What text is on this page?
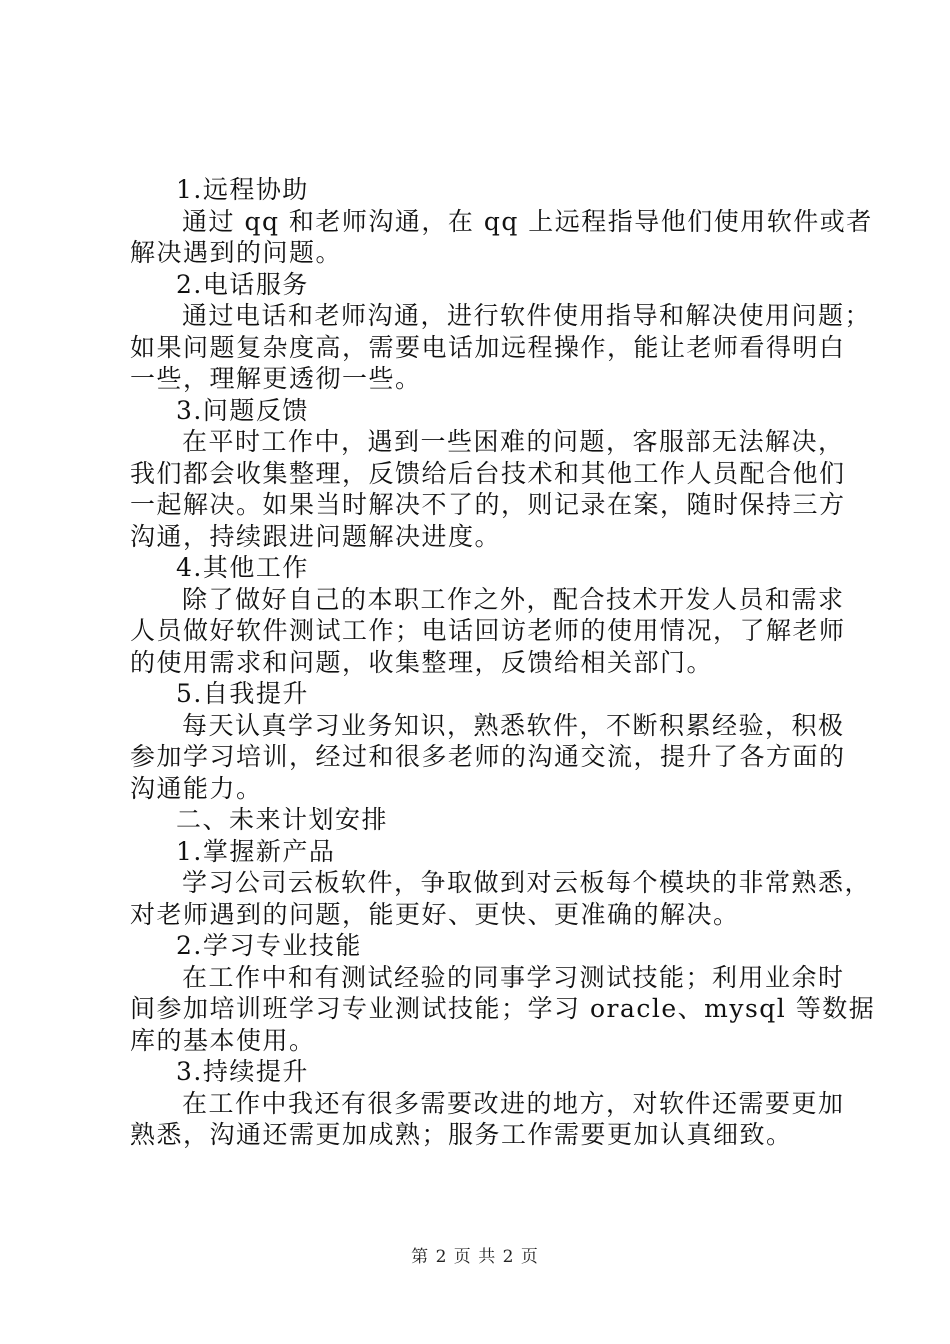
1.远程协助
通过 qq 和老师沟通，在 qq 上远程指导他们使用软件或者
解决遇到的问题。
2.电话服务
通过电话和老师沟通，进行软件使用指导和解决使用问题；
如果问题复杂度高，需要电话加远程操作，能让老师看得明白
一些，理解更透彻一些。
3.问题反馈
在平时工作中，遇到一些困难的问题，客服部无法解决，
我们都会收集整理，反馈给后台技术和其他工作人员配合他们
一起解决。如果当时解决不了的，则记录在案，随时保持三方
沟通，持续跟进问题解决进度。
4.其他工作
除了做好自己的本职工作之外，配合技术开发人员和需求
人员做好软件测试工作；电话回访老师的使用情况，了解老师
的使用需求和问题，收集整理，反馈给相关部门。
5.自我提升
每天认真学习业务知识，熟悉软件，不断积累经验，积极
参加学习培训，经过和很多老师的沟通交流，提升了各方面的
沟通能力。
二、未来计划安排
1.掌握新产品
学习公司云板软件，争取做到对云板每个模块的非常熟悉，
对老师遇到的问题，能更好、更快、更准确的解决。
2.学习专业技能
在工作中和有测试经验的同事学习测试技能；利用业余时
间参加培训班学习专业测试技能；学习 oracle、mysql 等数据
库的基本使用。
3.持续提升
在工作中我还有很多需要改进的地方，对软件还需要更加
熟悉，沟通还需更加成熟；服务工作需要更加认真细致。
第 2 页 共 2 页
